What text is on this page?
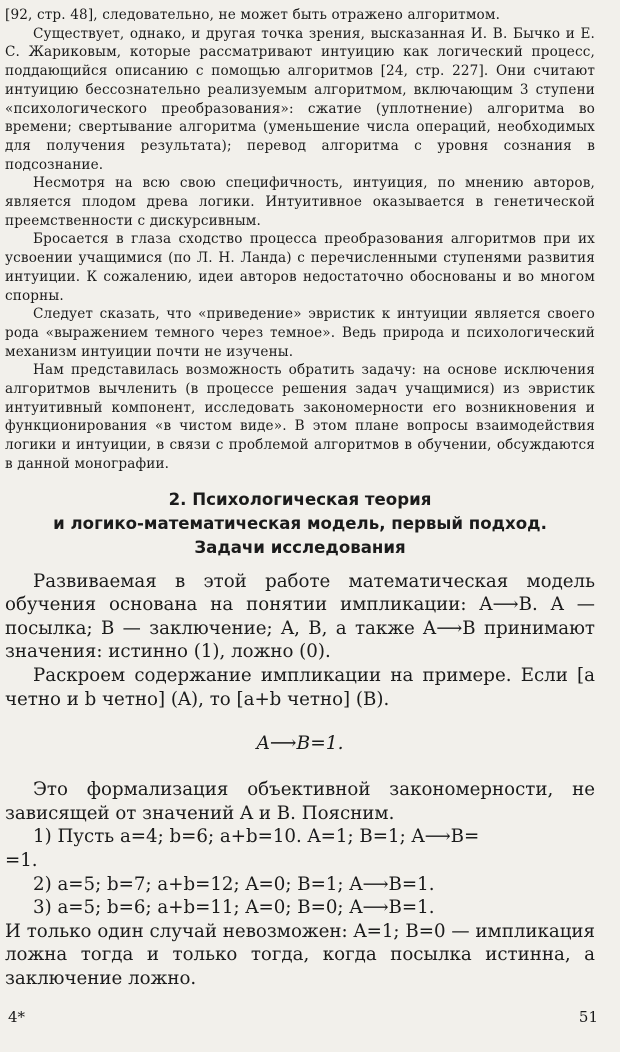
[92, стр. 48], следовательно, не может быть отражено алгоритмом.

Существует, однако, и другая точка зрения, высказанная И. В. Бычко и Е. С. Жариковым, которые рассматривают интуицию как логический процесс, поддающийся описанию с помощью алгоритмов [24, стр. 227]. Они считают интуицию бессознательно реализуемым алгоритмом, включающим 3 ступени «психологического преобразования»: сжатие (уплотнение) алгоритма во времени; свертывание алгоритма (уменьшение числа операций, необходимых для получения результата); перевод алгоритма с уровня сознания в подсознание.

Несмотря на всю свою специфичность, интуиция, по мнению авторов, является плодом древа логики. Интуитивное оказывается в генетической преемственности с дискурсивным.

Бросается в глаза сходство процесса преобразования алгоритмов при их усвоении учащимися (по Л. Н. Ланда) с перечисленными ступенями развития интуиции. К сожалению, идеи авторов недостаточно обоснованы и во многом спорны.

Следует сказать, что «приведение» эвристик к интуиции является своего рода «выражением темного через темное». Ведь природа и психологический механизм интуиции почти не изучены.

Нам представилась возможность обратить задачу: на основе исключения алгоритмов вычленить (в процессе решения задач учащимися) из эвристик интуитивный компонент, исследовать закономерности его возникновения и функционирования «в чистом виде». В этом плане вопросы взаимодействия логики и интуиции, в связи с проблемой алгоритмов в обучении, обсуждаются в данной монографии.

2. Психологическая теория
и логико-математическая модель, первый подход.
Задачи исследования

Развиваемая в этой работе математическая модель обучения основана на понятии импликации: A⟶B. A — посылка; B — заключение; A, B, а также A⟶B принимают значения: истинно (1), ложно (0).

Раскроем содержание импликации на примере. Если [a четно и b четно] (A), то [a+b четно] (B).

A⟶B=1.

Это формализация объективной закономерности, не зависящей от значений A и B. Поясним.

1) Пусть a=4; b=6; a+b=10. A=1; B=1; A⟶B=
=1.

2) a=5; b=7; a+b=12; A=0; B=1; A⟶B=1.

3) a=5; b=6; a+b=11; A=0; B=0; A⟶B=1.

И только один случай невозможен: A=1; B=0 — импликация ложна тогда и только тогда, когда посылка истинна, а заключение ложно.

4*	51
